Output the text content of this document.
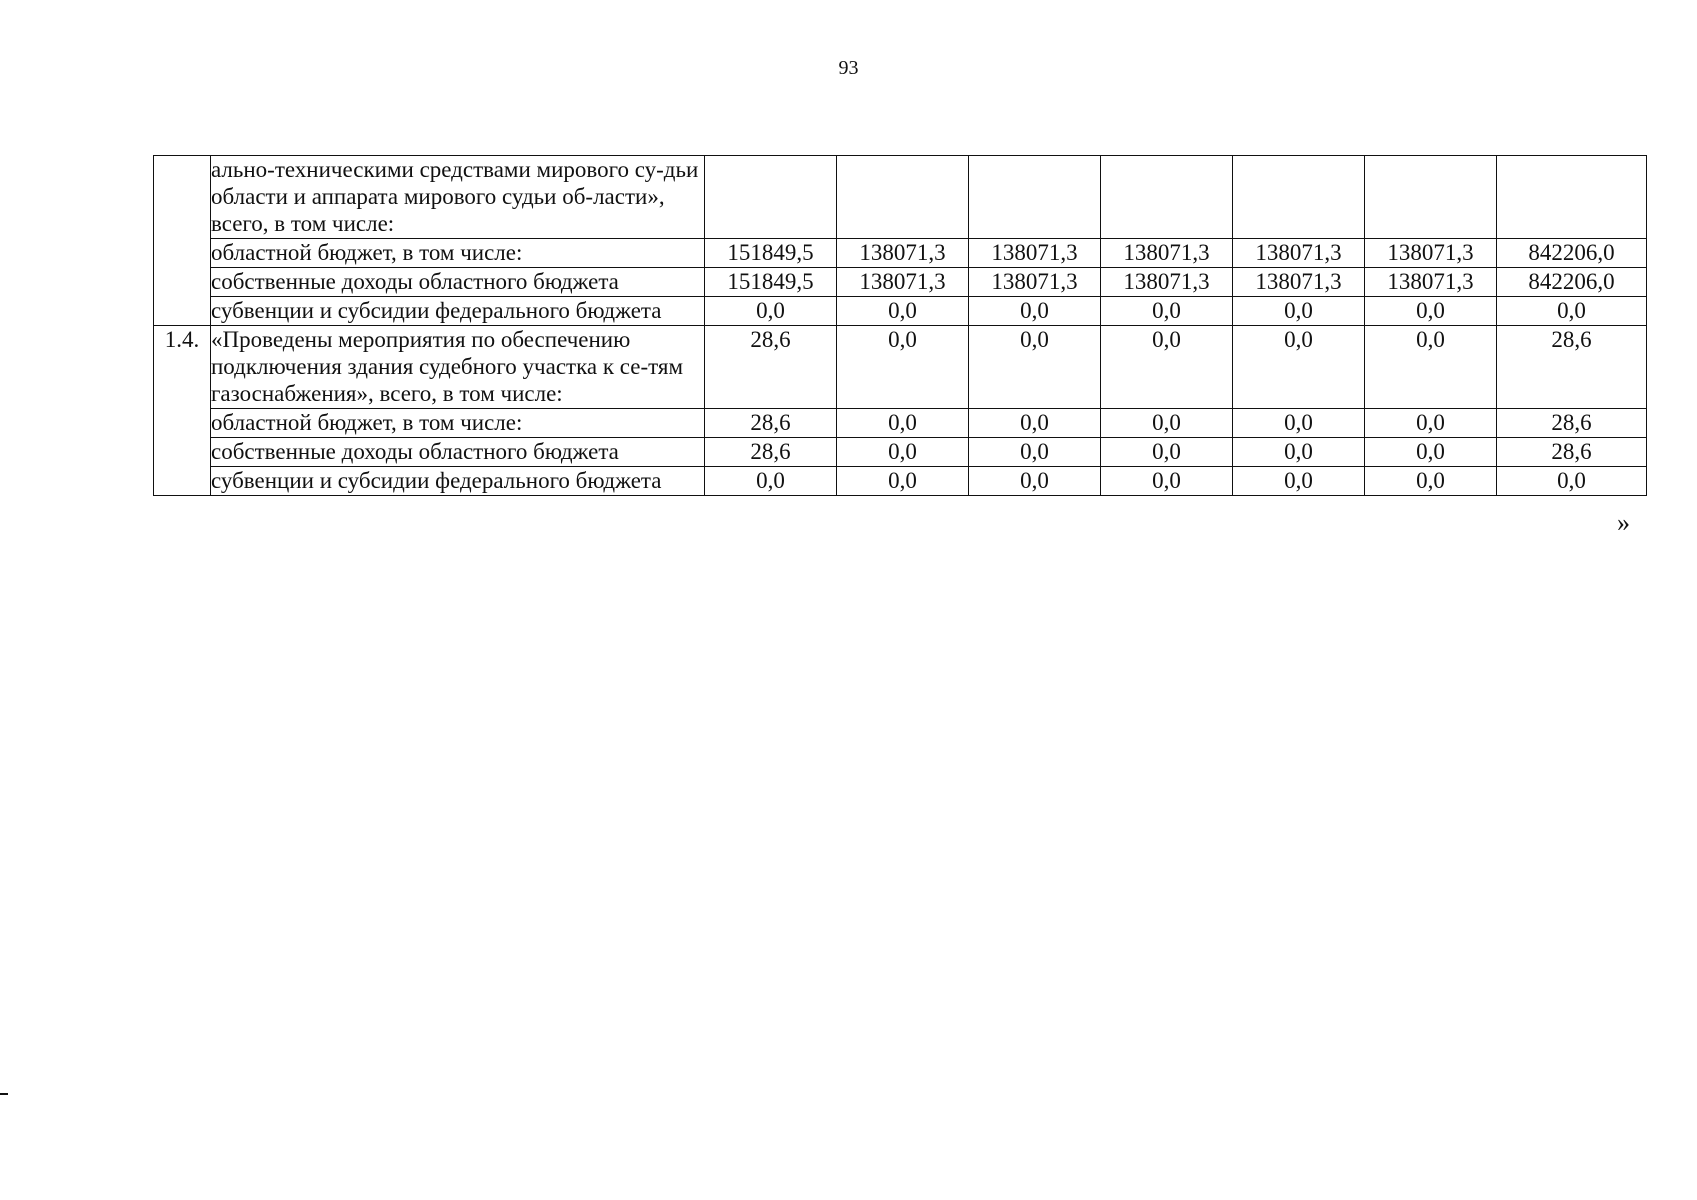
93
	ально-техническими средствами мирового су-дьи области и аппарата мирового судьи об-ласти», всего, в том числе:							
	областной бюджет, в том числе:	151849,5	138071,3	138071,3	138071,3	138071,3	138071,3	842206,0
	собственные доходы областного бюджета	151849,5	138071,3	138071,3	138071,3	138071,3	138071,3	842206,0
	субвенции и субсидии федерального бюджета	0,0	0,0	0,0	0,0	0,0	0,0	0,0
1.4.	«Проведены мероприятия по обеспечению подключения здания судебного участка к се-тям газоснабжения», всего, в том числе:	28,6	0,0	0,0	0,0	0,0	0,0	28,6
	областной бюджет, в том числе:	28,6	0,0	0,0	0,0	0,0	0,0	28,6
	собственные доходы областного бюджета	28,6	0,0	0,0	0,0	0,0	0,0	28,6
	субвенции и субсидии федерального бюджета	0,0	0,0	0,0	0,0	0,0	0,0	0,0
»
